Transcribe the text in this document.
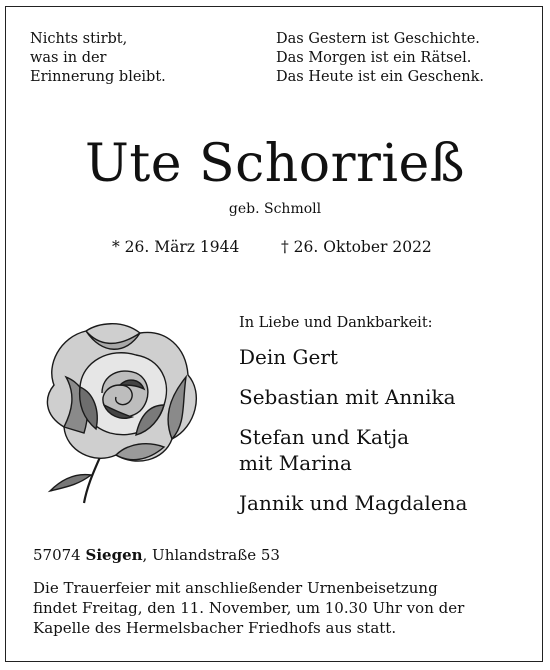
Nichts stirbt,
was in der
Erinnerung bleibt.
Das Gestern ist Geschichte.
Das Morgen ist ein Rätsel.
Das Heute ist ein Geschenk.
Ute Schorrieß
geb. Schmoll
* 26. März 1944	† 26. Oktober 2022
In Liebe und Dankbarkeit:
Dein Gert
Sebastian mit Annika
Stefan und Katja
mit Marina
Jannik und Magdalena
57074 Siegen, Uhlandstraße 53
Die Trauerfeier mit anschließender Urnenbeisetzung
findet Freitag, den 11. November, um 10.30 Uhr von der
Kapelle des Hermelsbacher Friedhofs aus statt.
